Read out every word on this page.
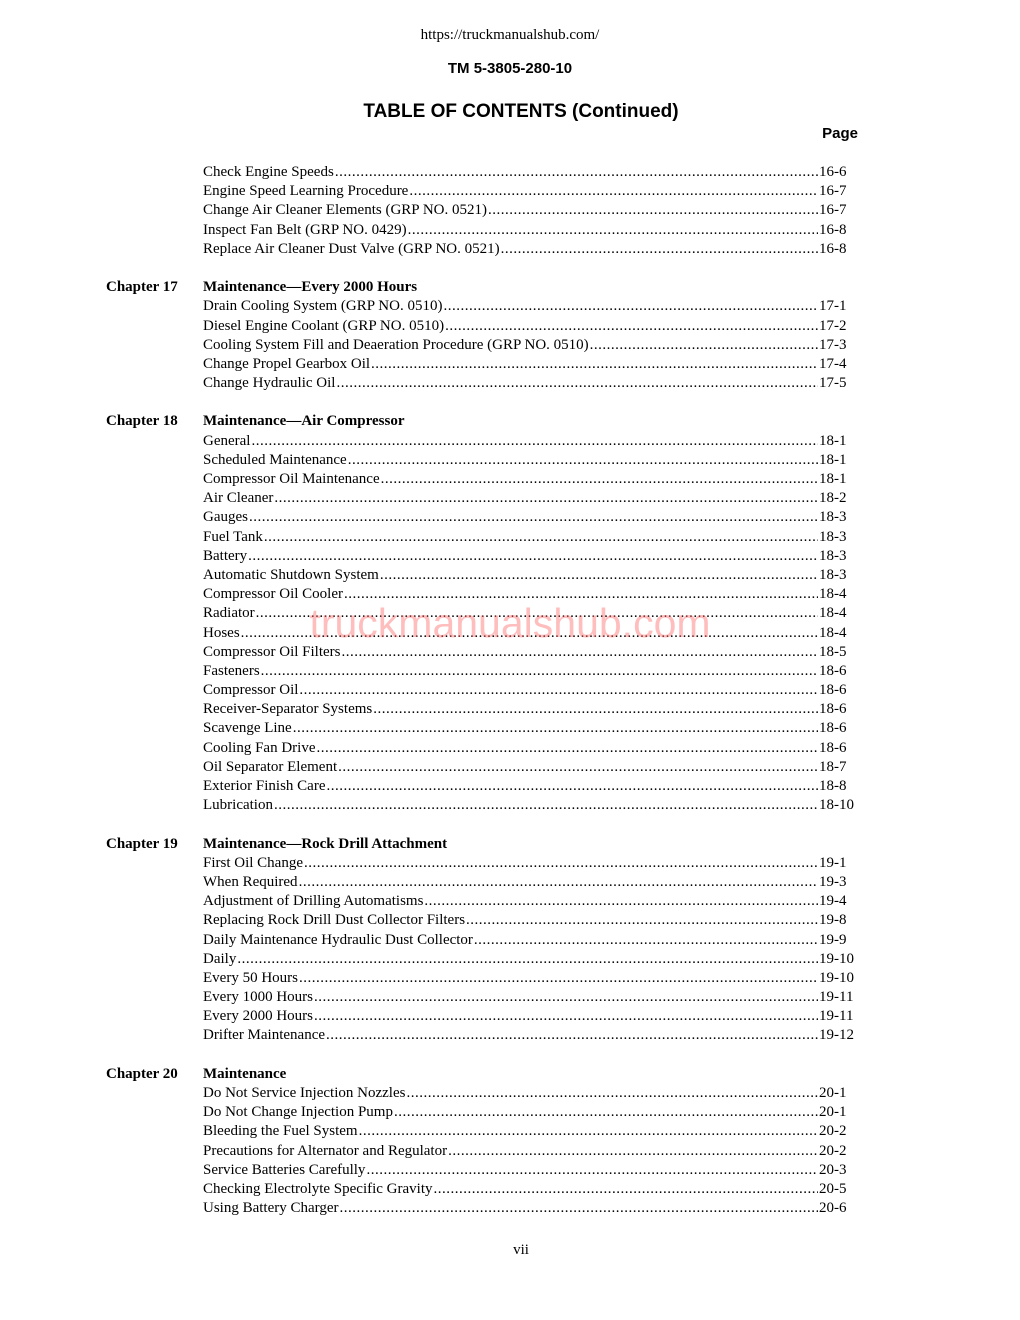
https://truckmanualshub.com/
TM 5-3805-280-10
TABLE OF CONTENTS (Continued)
Page
Check Engine Speeds .....	16-6
Engine Speed Learning Procedure .....	16-7
Change Air Cleaner Elements (GRP NO. 0521) .....	16-7
Inspect Fan Belt (GRP NO. 0429) .....	16-8
Replace Air Cleaner Dust Valve (GRP NO. 0521) .....	16-8
Chapter 17 Maintenance—Every 2000 Hours
Drain Cooling System (GRP NO. 0510) .....	17-1
Diesel Engine Coolant (GRP NO. 0510) .....	17-2
Cooling System Fill and Deaeration Procedure (GRP NO. 0510) .....	17-3
Change Propel Gearbox Oil .....	17-4
Change Hydraulic Oil .....	17-5
Chapter 18 Maintenance—Air Compressor
General .....	18-1
Scheduled Maintenance .....	18-1
Compressor Oil Maintenance .....	18-1
Air Cleaner .....	18-2
Gauges .....	18-3
Fuel Tank .....	18-3
Battery .....	18-3
Automatic Shutdown System .....	18-3
Compressor Oil Cooler .....	18-4
Radiator .....	18-4
Hoses .....	18-4
Compressor Oil Filters .....	18-5
Fasteners .....	18-6
Compressor Oil .....	18-6
Receiver-Separator Systems .....	18-6
Scavenge Line .....	18-6
Cooling Fan Drive .....	18-6
Oil Separator Element .....	18-7
Exterior Finish Care .....	18-8
Lubrication .....	18-10
Chapter 19 Maintenance—Rock Drill Attachment
First Oil Change .....	19-1
When Required .....	19-3
Adjustment of Drilling Automatisms .....	19-4
Replacing Rock Drill Dust Collector Filters .....	19-8
Daily Maintenance Hydraulic Dust Collector .....	19-9
Daily .....	19-10
Every 50 Hours .....	19-10
Every 1000 Hours .....	19-11
Every 2000 Hours .....	19-11
Drifter Maintenance .....	19-12
Chapter 20 Maintenance
Do Not Service Injection Nozzles .....	20-1
Do Not Change Injection Pump .....	20-1
Bleeding the Fuel System .....	20-2
Precautions for Alternator and Regulator .....	20-2
Service Batteries Carefully .....	20-3
Checking Electrolyte Specific Gravity .....	20-5
Using Battery Charger .....	20-6
truckmanualshub.com
vii
